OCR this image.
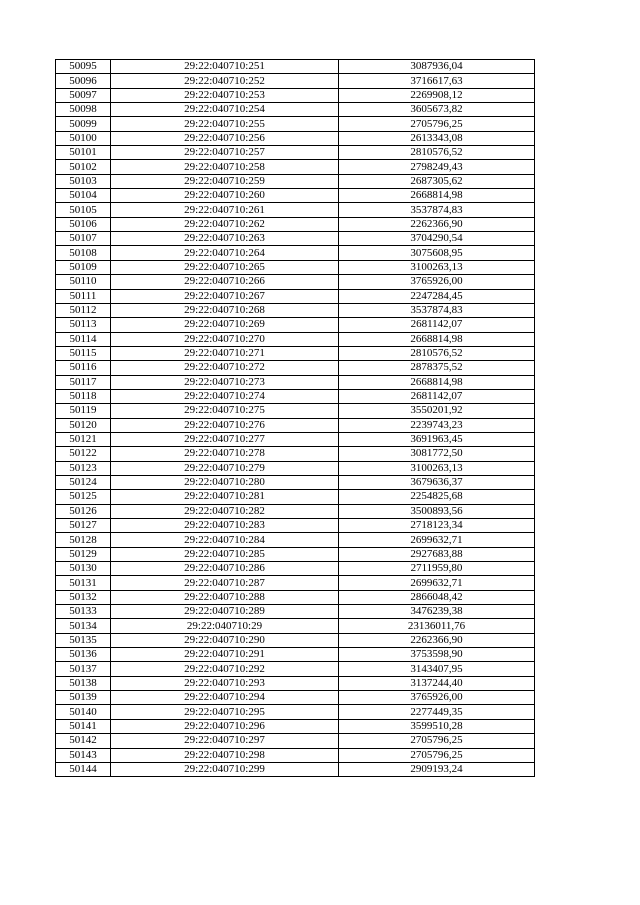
50095	29:22:040710:251	3087936,04
50096	29:22:040710:252	3716617,63
50097	29:22:040710:253	2269908,12
50098	29:22:040710:254	3605673,82
50099	29:22:040710:255	2705796,25
50100	29:22:040710:256	2613343,08
50101	29:22:040710:257	2810576,52
50102	29:22:040710:258	2798249,43
50103	29:22:040710:259	2687305,62
50104	29:22:040710:260	2668814,98
50105	29:22:040710:261	3537874,83
50106	29:22:040710:262	2262366,90
50107	29:22:040710:263	3704290,54
50108	29:22:040710:264	3075608,95
50109	29:22:040710:265	3100263,13
50110	29:22:040710:266	3765926,00
50111	29:22:040710:267	2247284,45
50112	29:22:040710:268	3537874,83
50113	29:22:040710:269	2681142,07
50114	29:22:040710:270	2668814,98
50115	29:22:040710:271	2810576,52
50116	29:22:040710:272	2878375,52
50117	29:22:040710:273	2668814,98
50118	29:22:040710:274	2681142,07
50119	29:22:040710:275	3550201,92
50120	29:22:040710:276	2239743,23
50121	29:22:040710:277	3691963,45
50122	29:22:040710:278	3081772,50
50123	29:22:040710:279	3100263,13
50124	29:22:040710:280	3679636,37
50125	29:22:040710:281	2254825,68
50126	29:22:040710:282	3500893,56
50127	29:22:040710:283	2718123,34
50128	29:22:040710:284	2699632,71
50129	29:22:040710:285	2927683,88
50130	29:22:040710:286	2711959,80
50131	29:22:040710:287	2699632,71
50132	29:22:040710:288	2866048,42
50133	29:22:040710:289	3476239,38
50134	29:22:040710:29	23136011,76
50135	29:22:040710:290	2262366,90
50136	29:22:040710:291	3753598,90
50137	29:22:040710:292	3143407,95
50138	29:22:040710:293	3137244,40
50139	29:22:040710:294	3765926,00
50140	29:22:040710:295	2277449,35
50141	29:22:040710:296	3599510,28
50142	29:22:040710:297	2705796,25
50143	29:22:040710:298	2705796,25
50144	29:22:040710:299	2909193,24
